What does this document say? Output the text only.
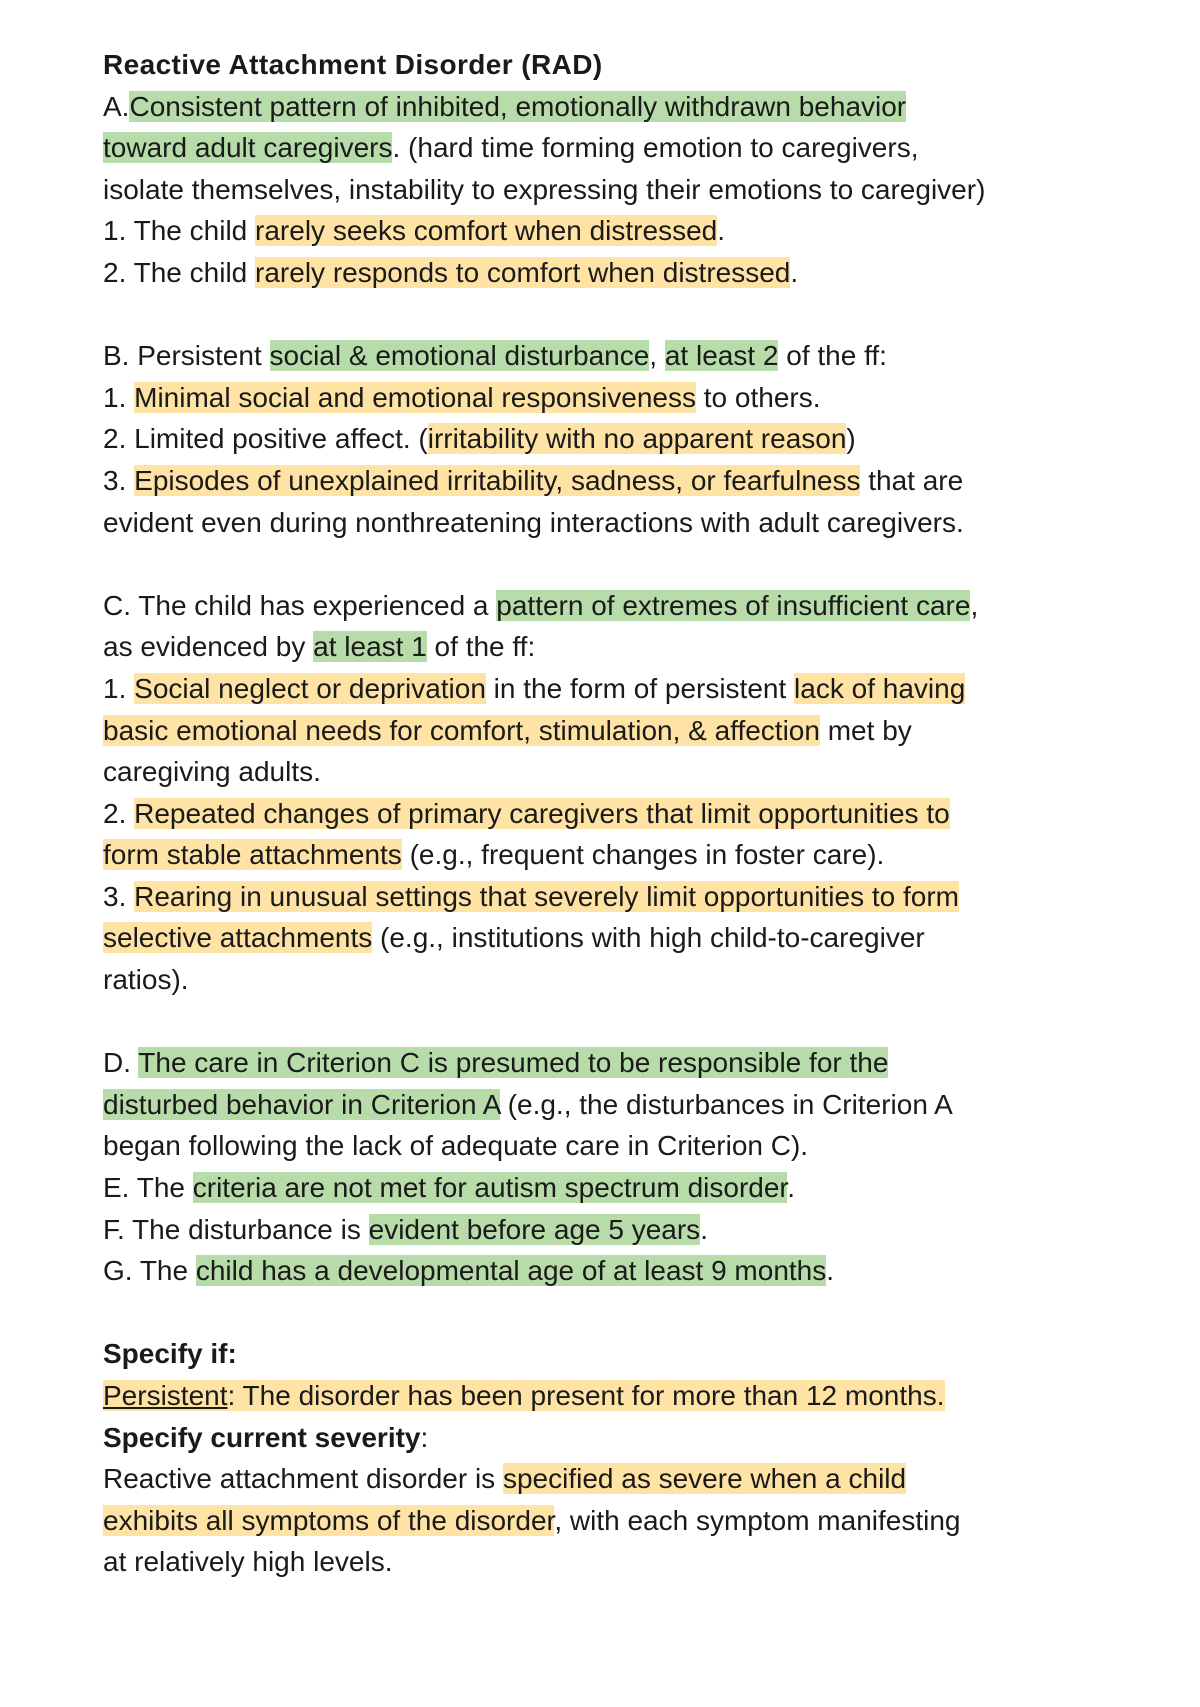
Reactive Attachment Disorder (RAD)
A.Consistent pattern of inhibited, emotionally withdrawn behavior
toward adult caregivers. (hard time forming emotion to caregivers,
isolate themselves, instability to expressing their emotions to caregiver)
1. The child rarely seeks comfort when distressed.
2. The child rarely responds to comfort when distressed.
B. Persistent social & emotional disturbance, at least 2 of the ff:
1. Minimal social and emotional responsiveness to others.
2. Limited positive affect. (irritability with no apparent reason)
3. Episodes of unexplained irritability, sadness, or fearfulness that are
evident even during nonthreatening interactions with adult caregivers.
C. The child has experienced a pattern of extremes of insufficient care,
as evidenced by at least 1 of the ff:
1. Social neglect or deprivation in the form of persistent lack of having
basic emotional needs for comfort, stimulation, & affection met by
caregiving adults.
2. Repeated changes of primary caregivers that limit opportunities to
form stable attachments (e.g., frequent changes in foster care).
3. Rearing in unusual settings that severely limit opportunities to form
selective attachments (e.g., institutions with high child-to-caregiver
ratios).
D. The care in Criterion C is presumed to be responsible for the
disturbed behavior in Criterion A (e.g., the disturbances in Criterion A
began following the lack of adequate care in Criterion C).
E. The criteria are not met for autism spectrum disorder.
F. The disturbance is evident before age 5 years.
G. The child has a developmental age of at least 9 months.
Specify if:
Persistent: The disorder has been present for more than 12 months.
Specify current severity:
Reactive attachment disorder is specified as severe when a child
exhibits all symptoms of the disorder, with each symptom manifesting
at relatively high levels.
